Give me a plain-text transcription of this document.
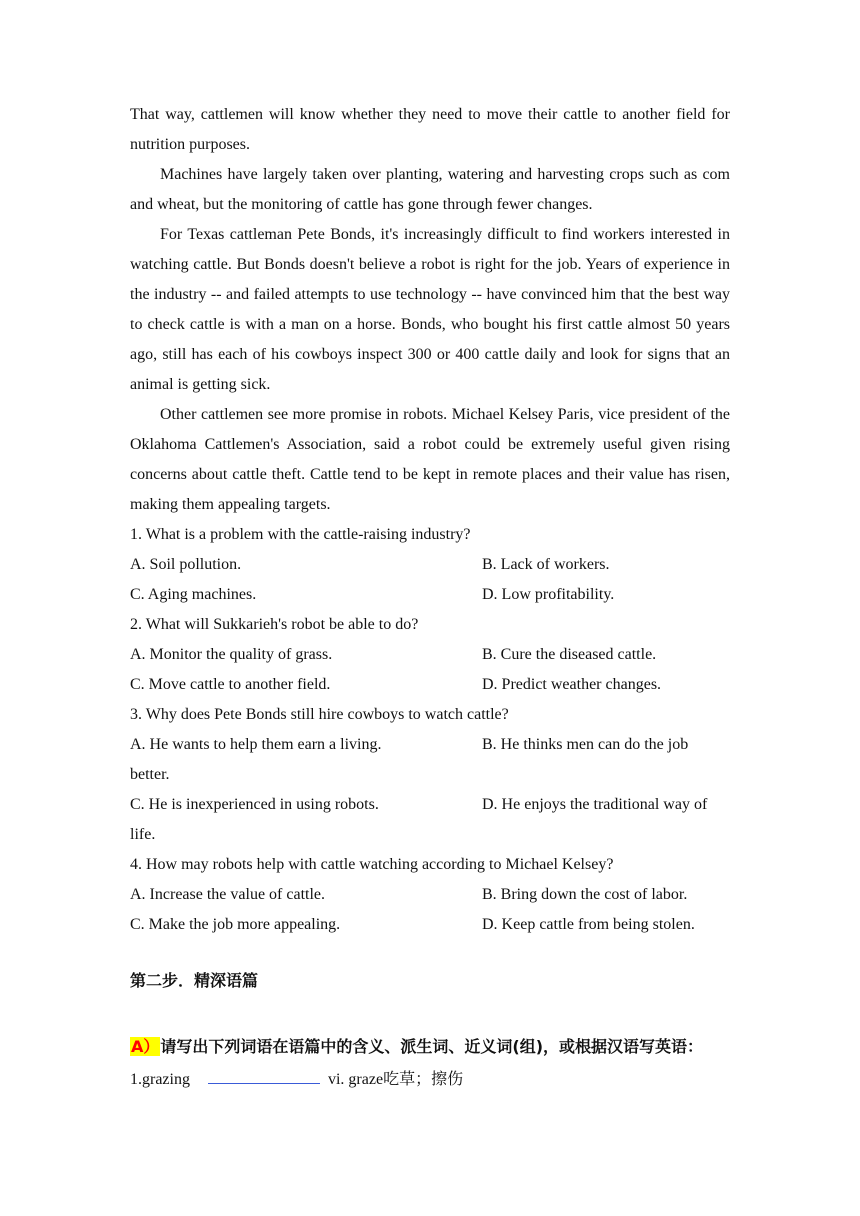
That way, cattlemen will know whether they need to move their cattle to another field for nutrition purposes.

Machines have largely taken over planting, watering and harvesting crops such as com and wheat, but the monitoring of cattle has gone through fewer changes.

For Texas cattleman Pete Bonds, it's increasingly difficult to find workers interested in watching cattle. But Bonds doesn't believe a robot is right for the job. Years of experience in the industry -- and failed attempts to use technology -- have convinced him that the best way to check cattle is with a man on a horse. Bonds, who bought his first cattle almost 50 years ago, still has each of his cowboys inspect 300 or 400 cattle daily and look for signs that an animal is getting sick.

Other cattlemen see more promise in robots. Michael Kelsey Paris, vice president of the Oklahoma Cattlemen's Association, said a robot could be extremely useful given rising concerns about cattle theft. Cattle tend to be kept in remote places and their value has risen, making them appealing targets.

1. What is a problem with the cattle-raising industry?

A. Soil pollution.	B. Lack of workers.
C. Aging machines.	D. Low profitability.

2. What will Sukkarieh's robot be able to do?

A. Monitor the quality of grass.	B. Cure the diseased cattle.
C. Move cattle to another field.	D. Predict weather changes.

3. Why does Pete Bonds still hire cowboys to watch cattle?

A. He wants to help them earn a living.	B. He thinks men can do the job
better.
C. He is inexperienced in using robots.	D. He enjoys the traditional way of
life.

4. How may robots help with cattle watching according to Michael Kelsey?

A. Increase the value of cattle.	B. Bring down the cost of labor.
C. Make the job more appealing.	D. Keep cattle from being stolen.
第二步．精深语篇
A）请写出下列词语在语篇中的含义、派生词、近义词(组)，或根据汉语写英语：
1.grazing	vi. graze吃草；擦伤
